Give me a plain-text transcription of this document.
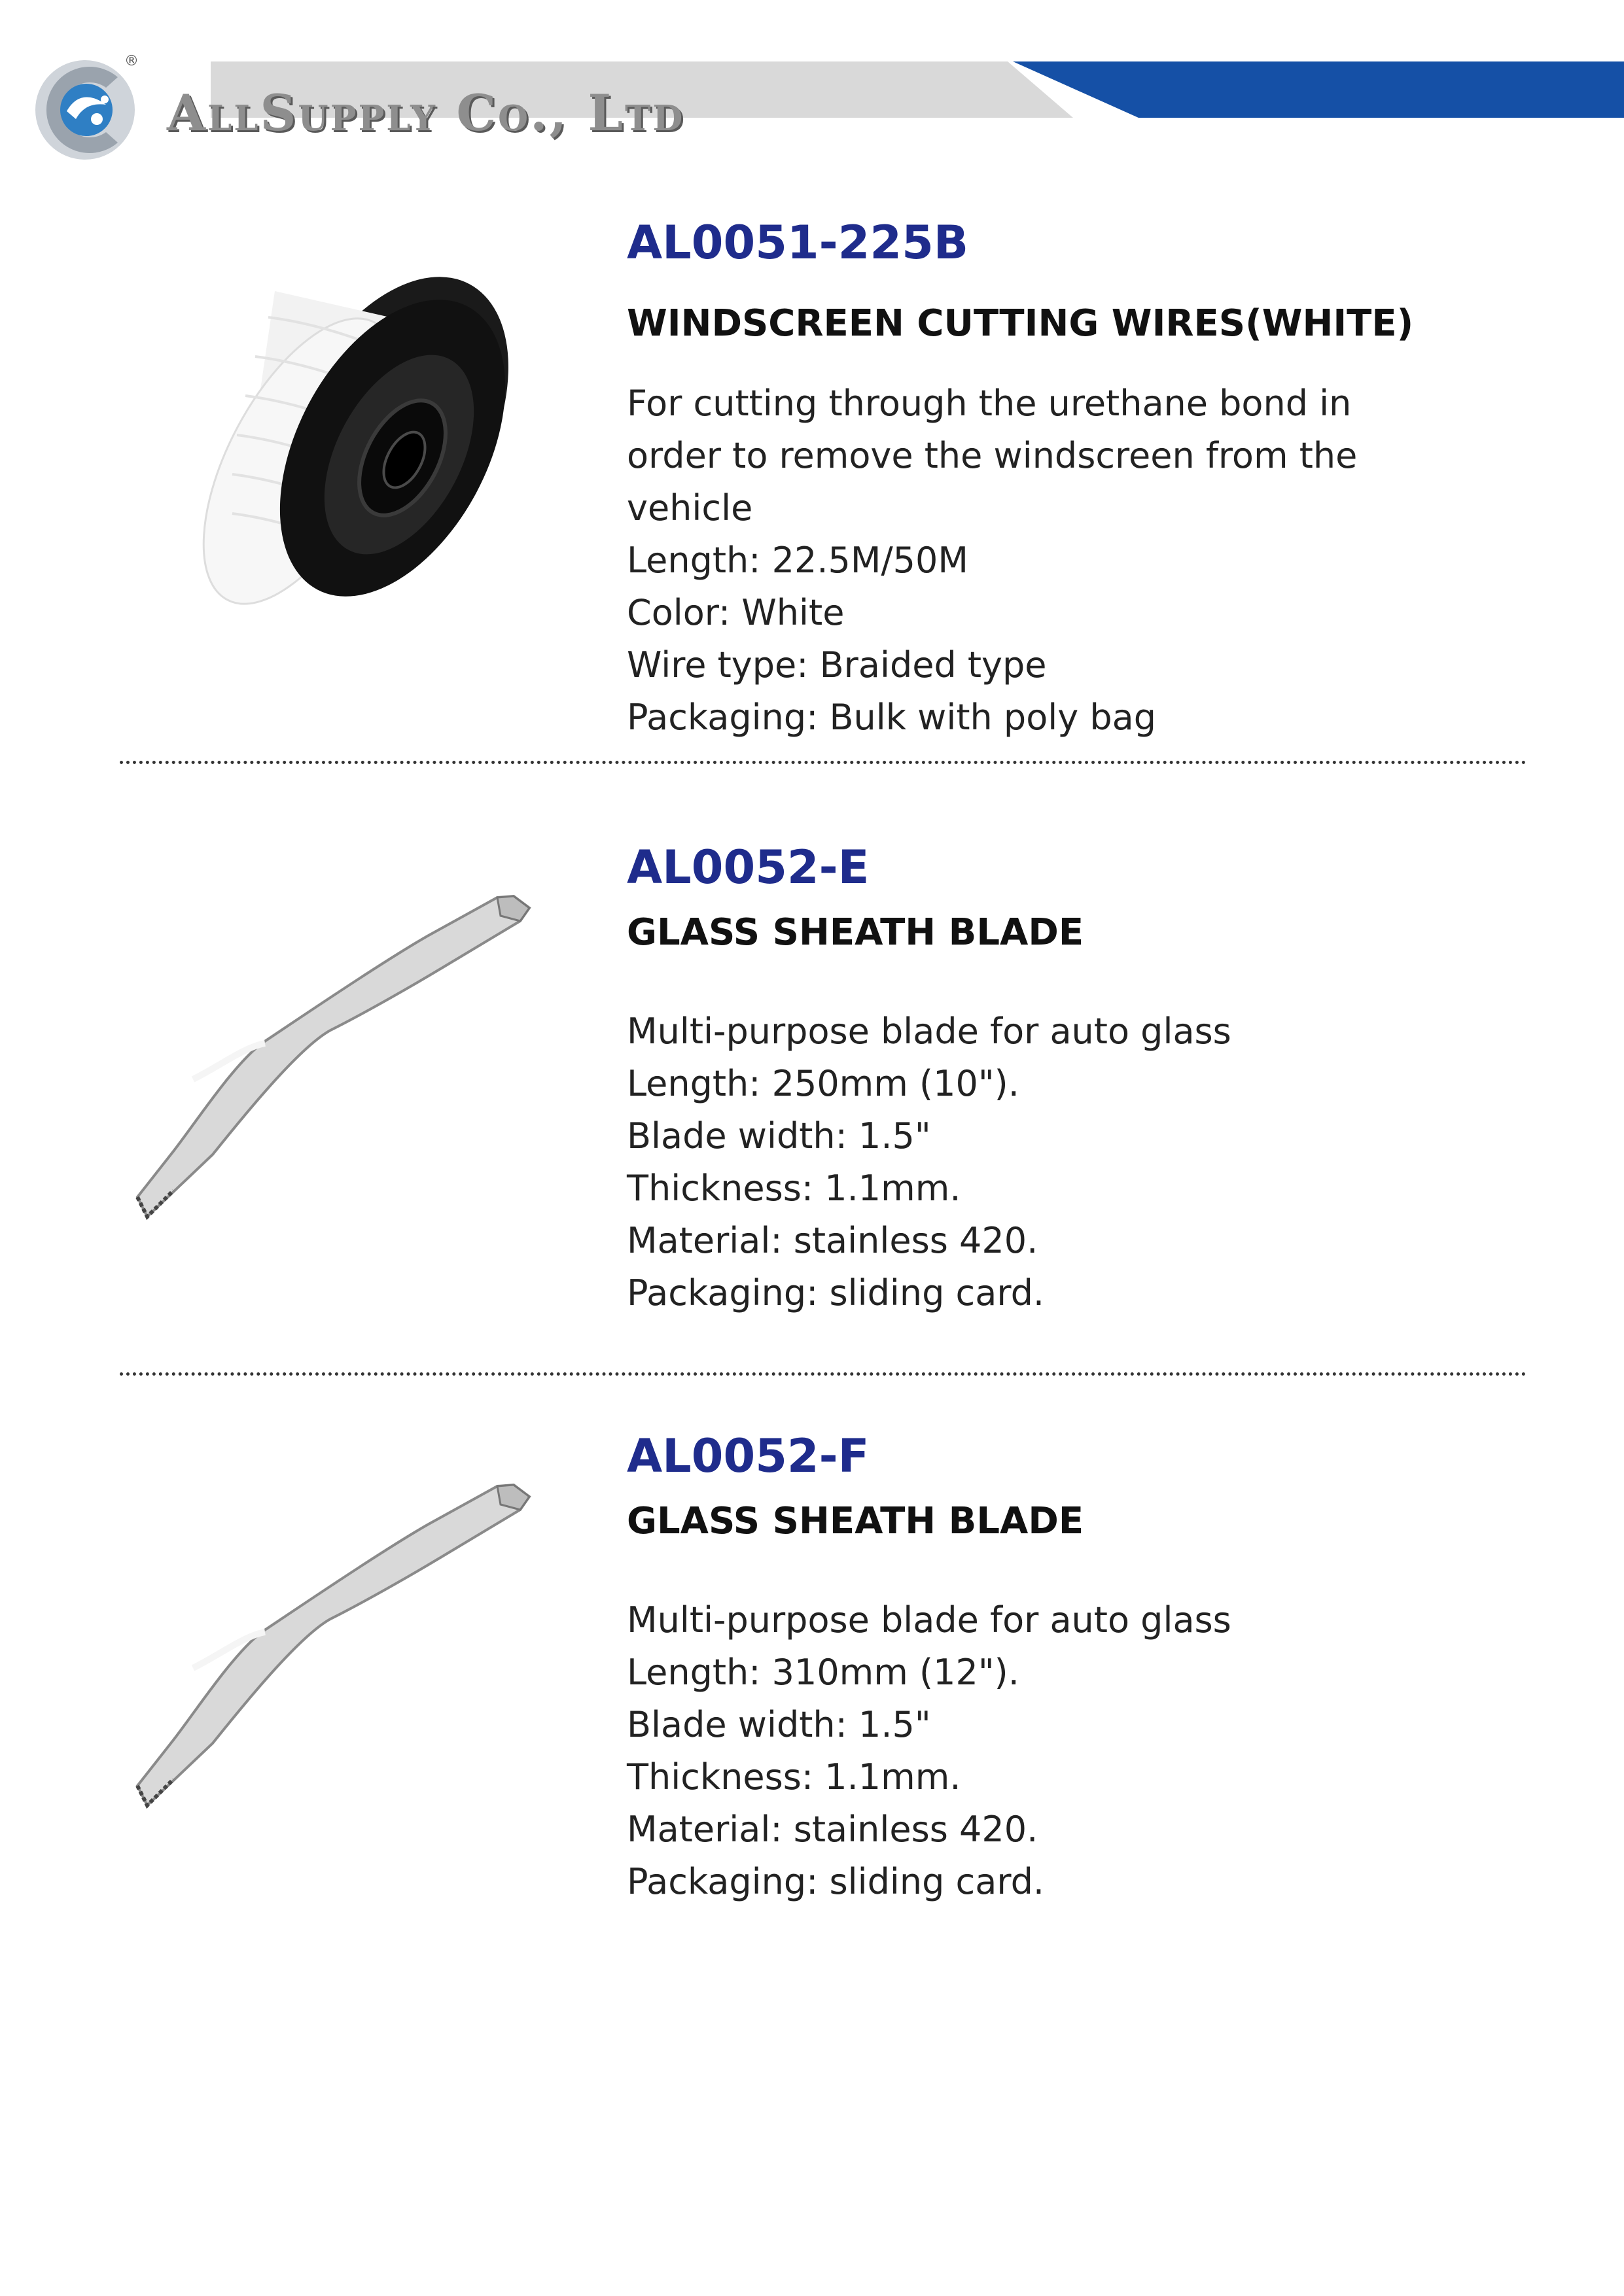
®
AllSupply Co., Ltd
AL0051-225B
WINDSCREEN CUTTING WIRES(WHITE)
For cutting through the urethane bond in
order to remove the windscreen from the
vehicle
Length: 22.5M/50M
Color: White
Wire type: Braided type
Packaging: Bulk with poly bag
AL0052-E
GLASS SHEATH BLADE
Multi-purpose blade for auto glass
Length: 250mm (10").
Blade width: 1.5"
Thickness: 1.1mm.
Material: stainless 420.
Packaging: sliding card.
AL0052-F
GLASS SHEATH BLADE
Multi-purpose blade for auto glass
Length: 310mm (12").
Blade width: 1.5"
Thickness: 1.1mm.
Material: stainless 420.
Packaging: sliding card.
